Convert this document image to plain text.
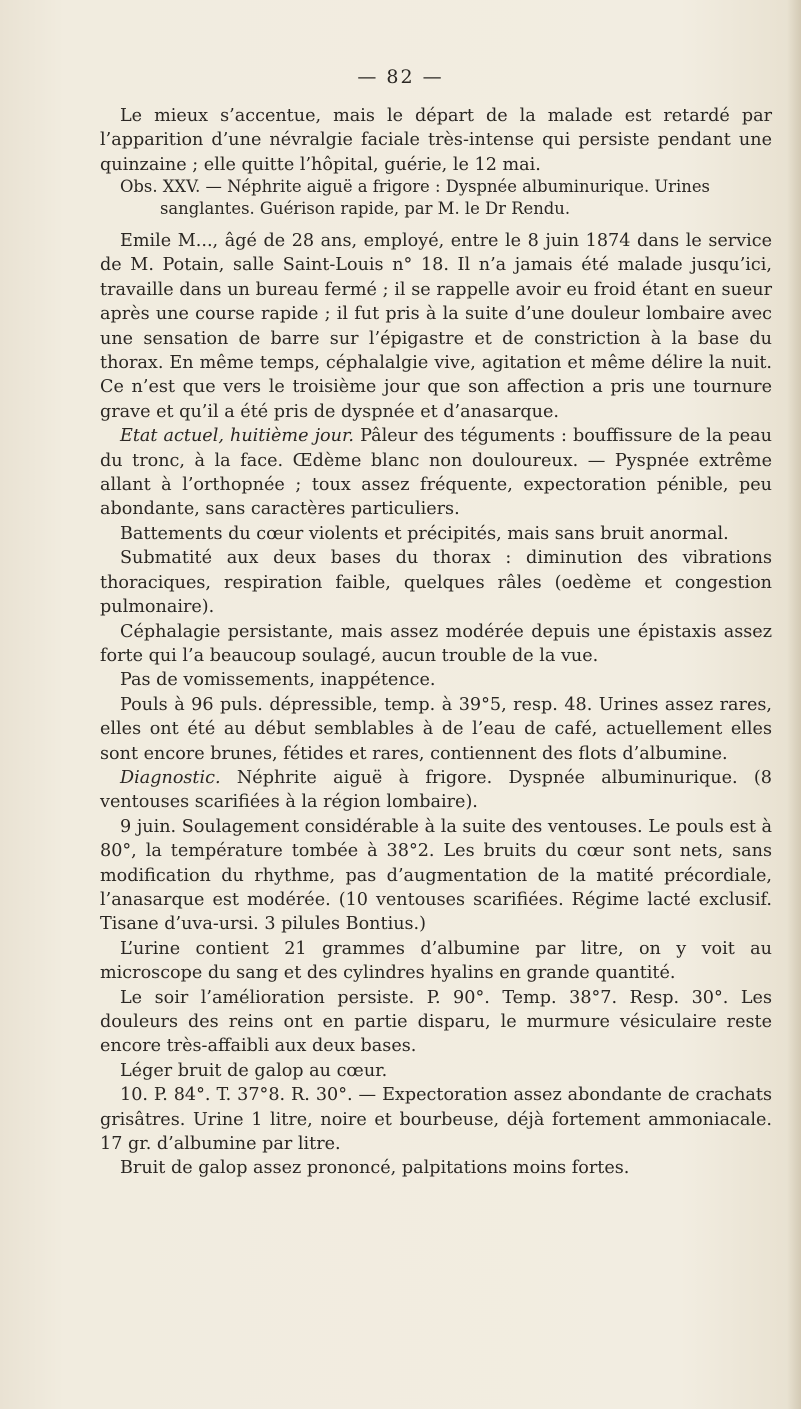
— 82 —

Le mieux s’accentue, mais le départ de la malade est retardé par l’apparition d’une névralgie faciale très-intense qui persiste pendant une quinzaine ; elle quitte l’hôpital, guérie, le 12 mai.

Obs. XXV. — Néphrite aiguë a frigore : Dyspnée albuminurique. Urines

sanglantes. Guérison rapide, par M. le Dr Rendu.

Emile M..., âgé de 28 ans, employé, entre le 8 juin 1874 dans le service de M. Potain, salle Saint-Louis n° 18. Il n’a jamais été malade jusqu’ici, travaille dans un bureau fermé ; il se rappelle avoir eu froid étant en sueur après une course rapide ; il fut pris à la suite d’une douleur lombaire avec une sensation de barre sur l’épigastre et de constriction à la base du thorax. En même temps, céphalalgie vive, agitation et même délire la nuit. Ce n’est que vers le troisième jour que son affection a pris une tournure grave et qu’il a été pris de dyspnée et d’anasarque.

Etat actuel, huitième jour. Pâleur des téguments : bouffissure de la peau du tronc, à la face. Œdème blanc non douloureux. — Pyspnée extrême allant à l’orthopnée ; toux assez fréquente, expectoration pénible, peu abondante, sans caractères particuliers.

Battements du cœur violents et précipités, mais sans bruit anormal.

Submatité aux deux bases du thorax : diminution des vibrations thoraciques, respiration faible, quelques râles (oedème et congestion pulmonaire).

Céphalagie persistante, mais assez modérée depuis une épistaxis assez forte qui l’a beaucoup soulagé, aucun trouble de la vue.

Pas de vomissements, inappétence.

Pouls à 96 puls. dépressible, temp. à 39°5, resp. 48. Urines assez rares, elles ont été au début semblables à de l’eau de café, actuellement elles sont encore brunes, fétides et rares, contiennent des flots d’albumine.

Diagnostic. Néphrite aiguë à frigore. Dyspnée albuminurique. (8 ventouses scarifiées à la région lombaire).

9 juin. Soulagement considérable à la suite des ventouses. Le pouls est à 80°, la température tombée à 38°2. Les bruits du cœur sont nets, sans modification du rhythme, pas d’augmentation de la matité précordiale, l’anasarque est modérée. (10 ventouses scarifiées. Régime lacté exclusif. Tisane d’uva-ursi. 3 pilules Bontius.)

L’urine contient 21 grammes d’albumine par litre, on y voit au microscope du sang et des cylindres hyalins en grande quantité.

Le soir l’amélioration persiste. P. 90°. Temp. 38°7. Resp. 30°. Les douleurs des reins ont en partie disparu, le murmure vésiculaire reste encore très-affaibli aux deux bases.

Léger bruit de galop au cœur.

10. P. 84°. T. 37°8. R. 30°. — Expectoration assez abondante de crachats grisâtres. Urine 1 litre, noire et bourbeuse, déjà fortement ammoniacale. 17 gr. d’albumine par litre.

Bruit de galop assez prononcé, palpitations moins fortes.
